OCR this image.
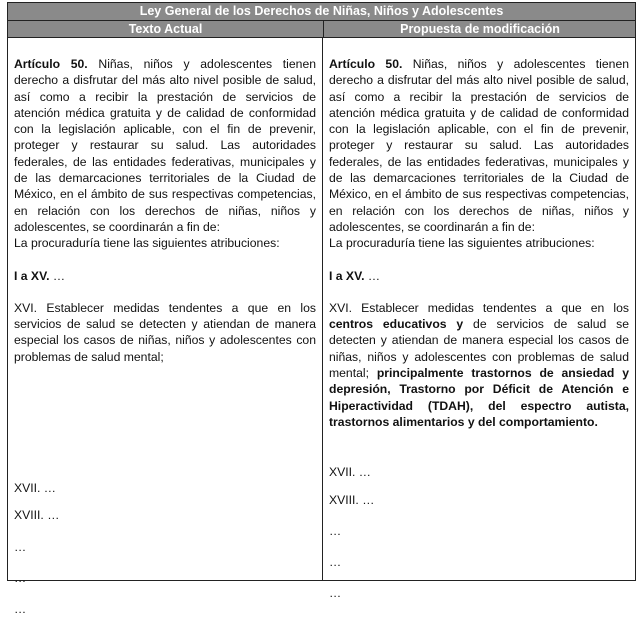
Ley General de los Derechos de Niñas, Niños y Adolescentes
Texto Actual	Propuesta de modificación

Artículo 50. Niñas, niños y adolescentes tienen derecho a disfrutar del más alto nivel posible de salud, así como a recibir la prestación de servicios de atención médica gratuita y de calidad de conformidad con la legislación aplicable, con el fin de prevenir, proteger y restaurar su salud. Las autoridades federales, de las entidades federativas, municipales y de las demarcaciones territoriales de la Ciudad de México, en el ámbito de sus respectivas competencias, en relación con los derechos de niñas, niños y adolescentes, se coordinarán a fin de:

La procuraduría tiene las siguientes atribuciones:

I a XV. …

XVI. Establecer medidas tendentes a que en los servicios de salud se detecten y atiendan de manera especial los casos de niñas, niños y adolescentes con problemas de salud mental;

XVII. …

XVIII. …

…

…

…

Artículo 50. Niñas, niños y adolescentes tienen derecho a disfrutar del más alto nivel posible de salud, así como a recibir la prestación de servicios de atención médica gratuita y de calidad de conformidad con la legislación aplicable, con el fin de prevenir, proteger y restaurar su salud. Las autoridades federales, de las entidades federativas, municipales y de las demarcaciones territoriales de la Ciudad de México, en el ámbito de sus respectivas competencias, en relación con los derechos de niñas, niños y adolescentes, se coordinarán a fin de:

La procuraduría tiene las siguientes atribuciones:

I a XV. …

XVI. Establecer medidas tendentes a que en los centros educativos y de servicios de salud se detecten y atiendan de manera especial los casos de niñas, niños y adolescentes con problemas de salud mental; principalmente trastornos de ansiedad y depresión, Trastorno por Déficit de Atención e Hiperactividad (TDAH), del espectro autista, trastornos alimentarios y del comportamiento.

XVII. …

XVIII. …

…

…

…
